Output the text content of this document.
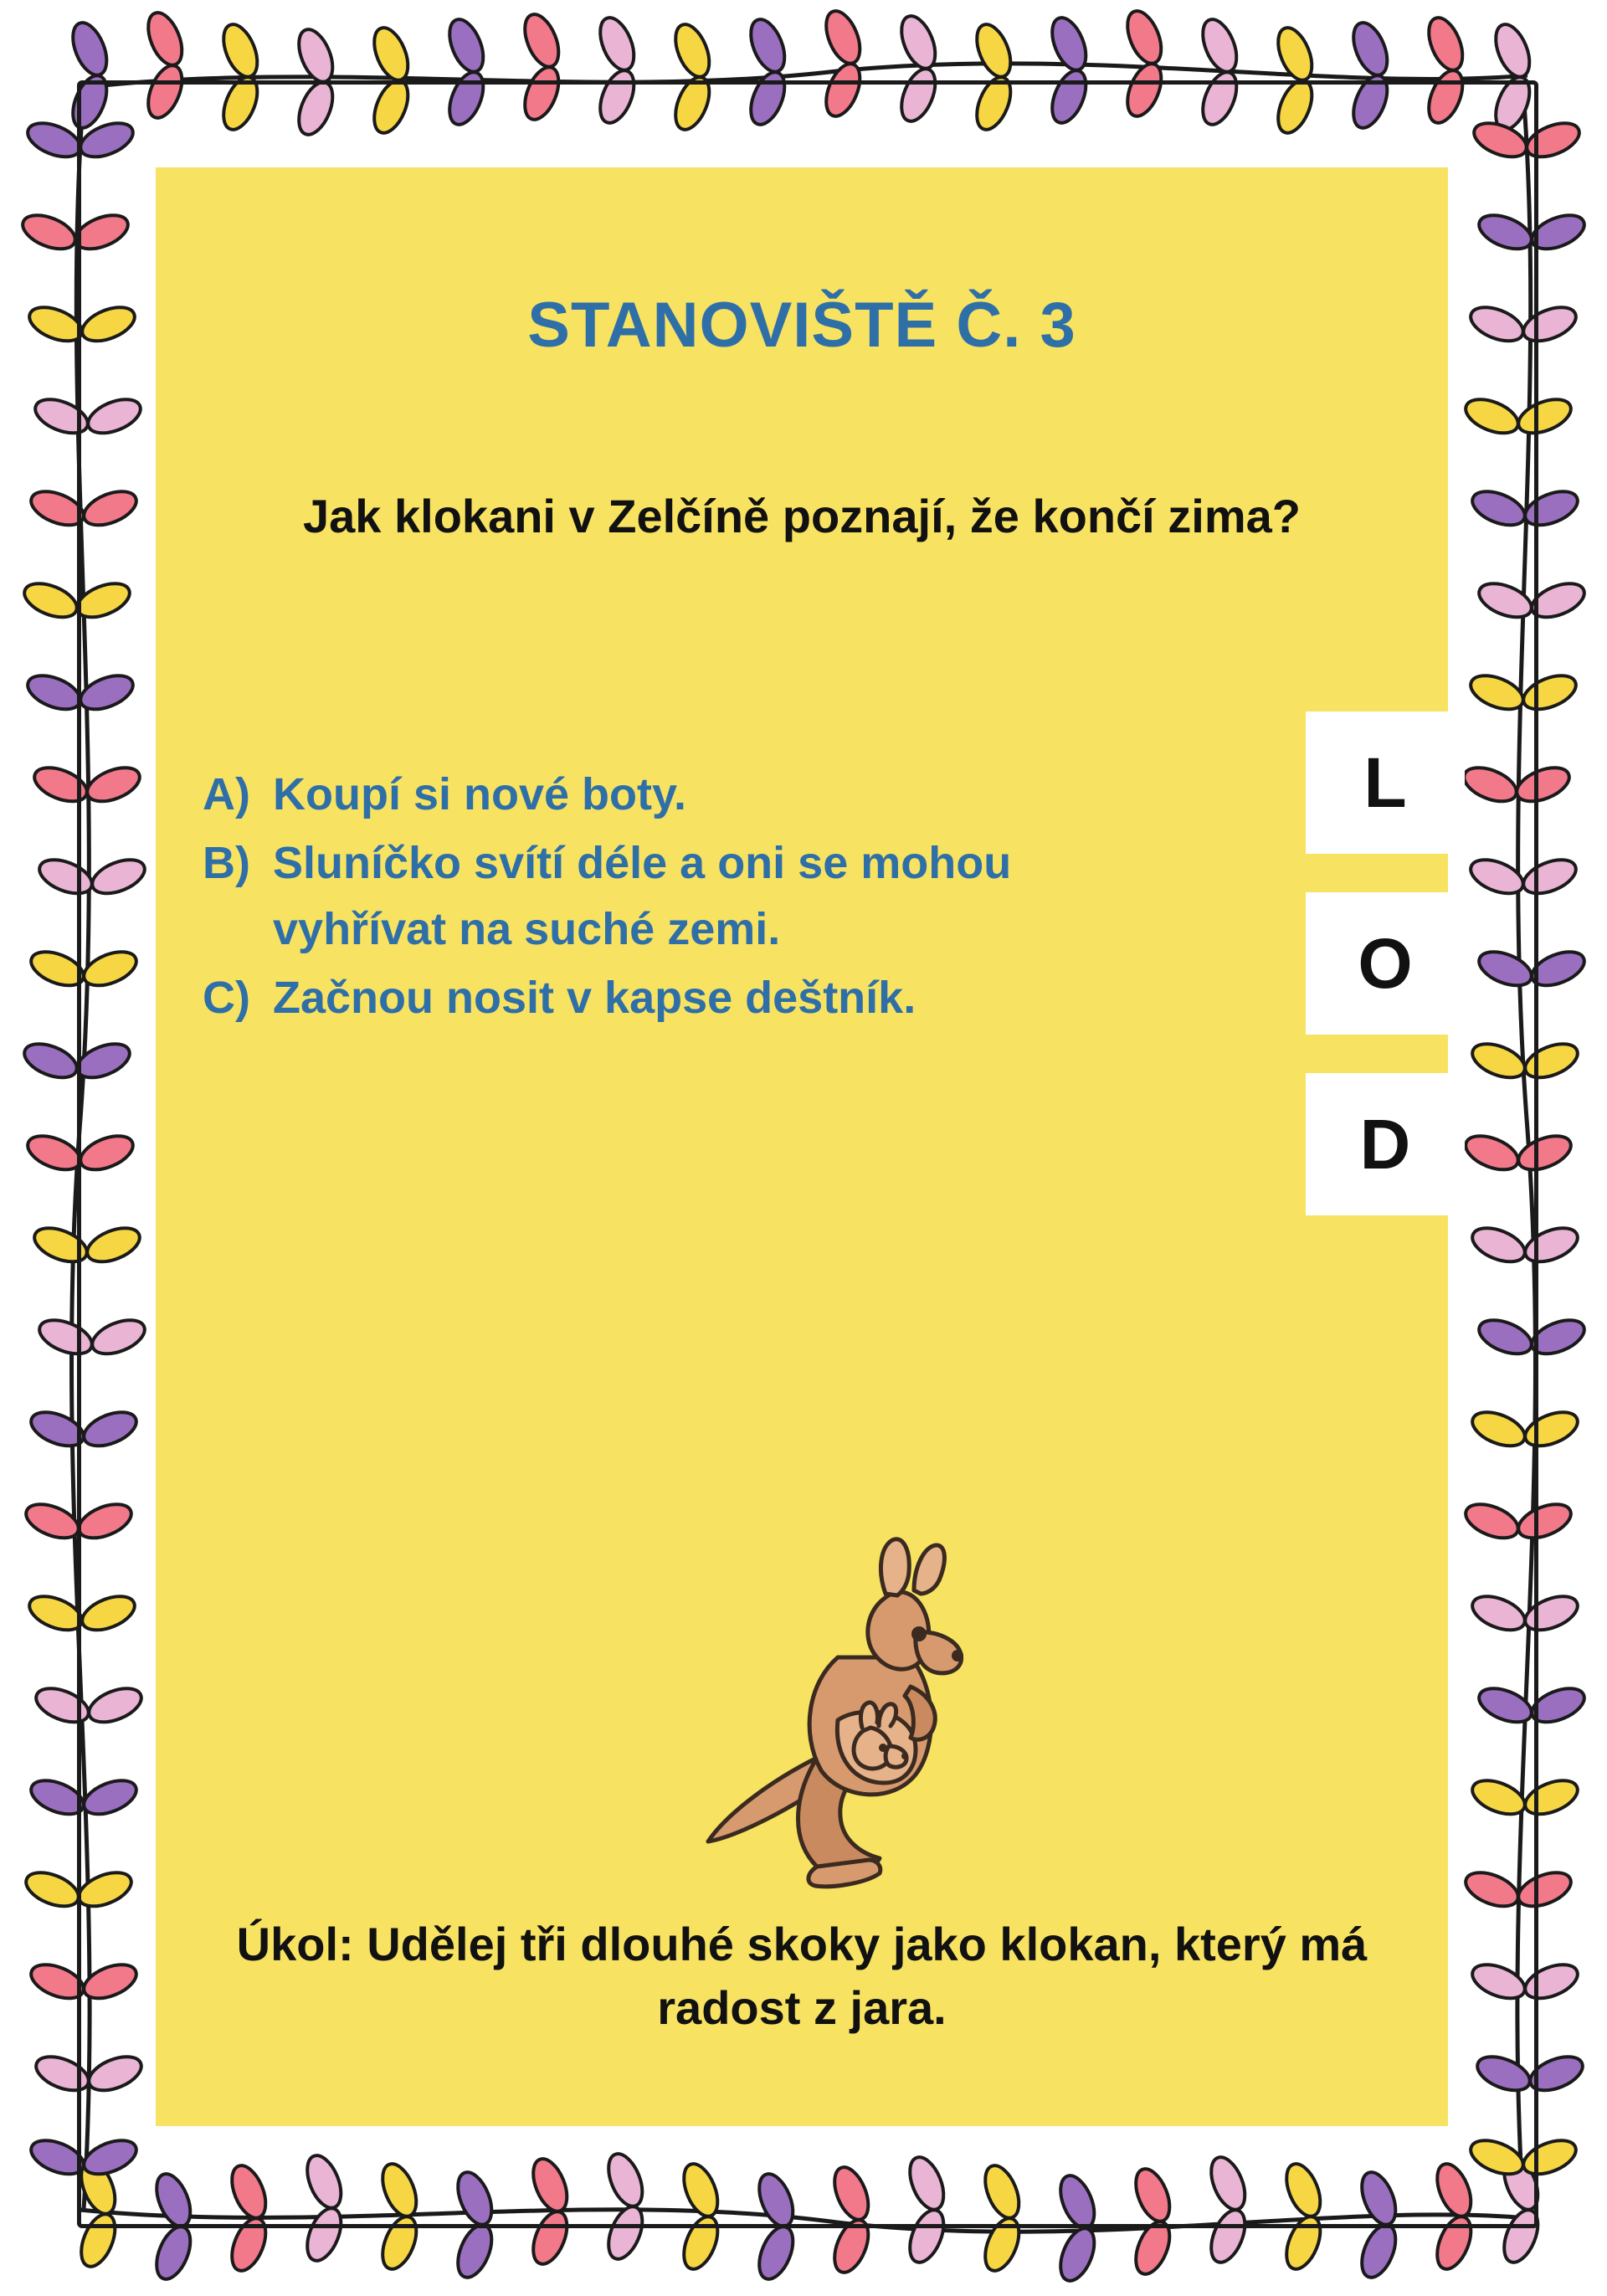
STANOVIŠTĚ Č. 3
Jak klokani v Zelčíně poznají, že končí zima?
A) Koupí si nové boty.
B) Sluníčko svítí déle a oni se mohou vyhřívat na suché zemi.
C) Začnou nosit v kapse deštník.
L
O
D
Úkol: Udělej tři dlouhé skoky jako klokan, který má radost z jara.
